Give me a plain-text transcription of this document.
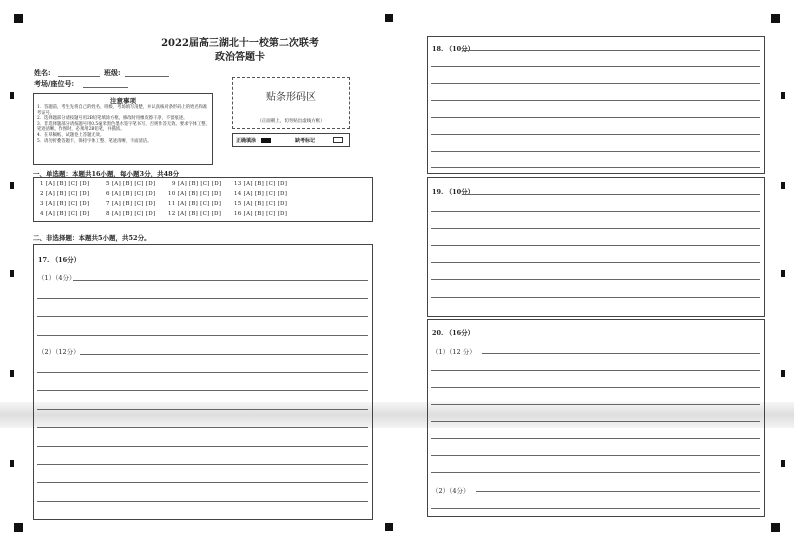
2022届高三湖北十一校第二次联考
政治答题卡
姓名:	班级:
考场/座位号:
贴条形码区
（正面朝上，切勿贴出虚线方框）
正确填涂	缺考标记
注意事项
1．答题前，考生先将自己的姓名、班级、考场填写清楚，并认真核对条形码上的姓名和准考证号。
2．选择题部分请按题号用2B铅笔填涂方框，修改时用橡皮擦干净，不留痕迹。
3．非选择题部分请按题号用0.5毫米黑色墨水签字笔书写，否则作答无效。要求字体工整、笔迹清晰。作图时，必须用2B铅笔，并描浓。
4．在草稿纸、试题卷上答题无效。
5．请勿折叠答题卡，保持字体工整、笔迹清晰、卡面清洁。
一、单选题：本题共16小题，每小题3分，共48分
1 [A] [B] [C] [D]
2 [A] [B] [C] [D]
3 [A] [B] [C] [D]
4 [A] [B] [C] [D]
5 [A] [B] [C] [D]
6 [A] [B] [C] [D]
7 [A] [B] [C] [D]
8 [A] [B] [C] [D]
9 [A] [B] [C] [D]
10 [A] [B] [C] [D]
11 [A] [B] [C] [D]
12 [A] [B] [C] [D]
13 [A] [B] [C] [D]
14 [A] [B] [C] [D]
15 [A] [B] [C] [D]
16 [A] [B] [C] [D]
二、非选择题：本题共5小题，共52分。
17. （16分）
（1）（4分）
（2）（12分）
18. （10分）
19. （10分）
20. （16分）
（1）（12 分）
（2）（4分）
